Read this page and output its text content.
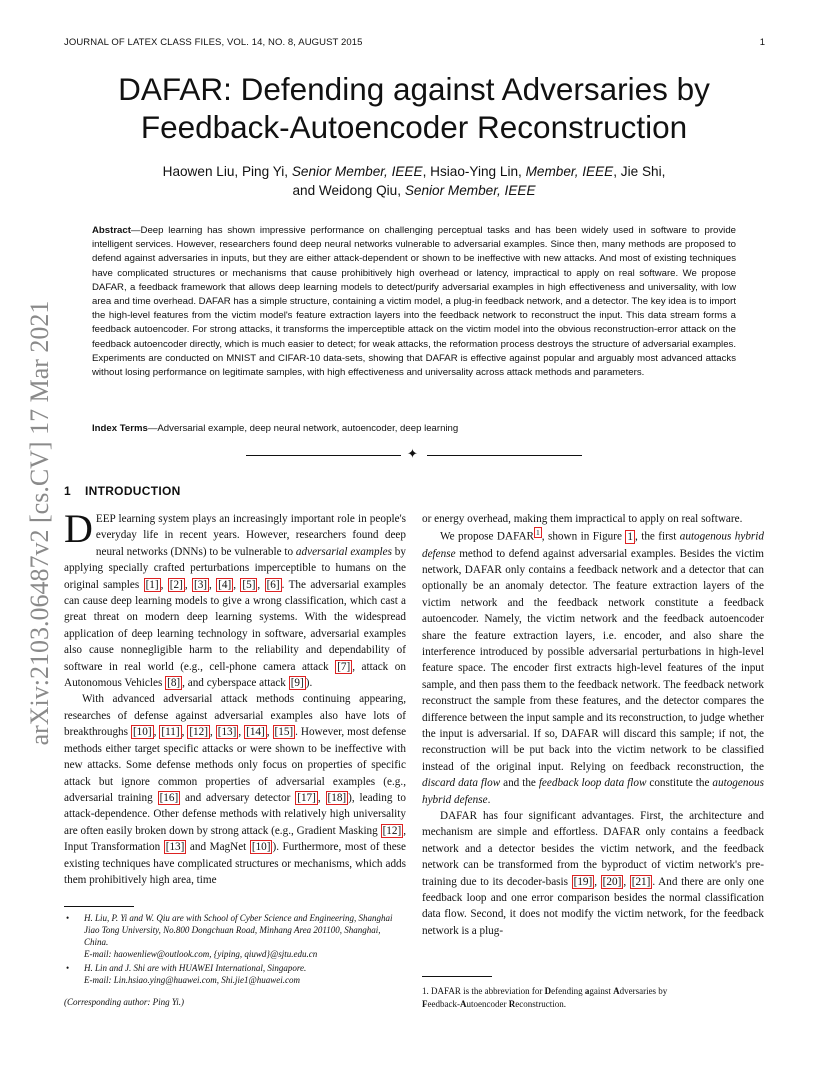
JOURNAL OF LATEX CLASS FILES, VOL. 14, NO. 8, AUGUST 2015	1
arXiv:2103.06487v2 [cs.CV] 17 Mar 2021
DAFAR: Defending against Adversaries by
Feedback-Autoencoder Reconstruction
Haowen Liu, Ping Yi, Senior Member, IEEE, Hsiao-Ying Lin, Member, IEEE, Jie Shi,
and Weidong Qiu, Senior Member, IEEE
Abstract—Deep learning has shown impressive performance on challenging perceptual tasks and has been widely used in software to provide intelligent services. However, researchers found deep neural networks vulnerable to adversarial examples. Since then, many methods are proposed to defend against adversaries in inputs, but they are either attack-dependent or shown to be ineffective with new attacks. And most of existing techniques have complicated structures or mechanisms that cause prohibitively high overhead or latency, impractical to apply on real software. We propose DAFAR, a feedback framework that allows deep learning models to detect/purify adversarial examples in high effectiveness and universality, with low area and time overhead. DAFAR has a simple structure, containing a victim model, a plug-in feedback network, and a detector. The key idea is to import the high-level features from the victim model's feature extraction layers into the feedback network to reconstruct the input. This data stream forms a feedback autoencoder. For strong attacks, it transforms the imperceptible attack on the victim model into the obvious reconstruction-error attack on the feedback autoencoder directly, which is much easier to detect; for weak attacks, the reformation process destroys the structure of adversarial examples. Experiments are conducted on MNIST and CIFAR-10 data-sets, showing that DAFAR is effective against popular and arguably most advanced attacks without losing performance on legitimate samples, with high effectiveness and universality across attack methods and parameters.
Index Terms—Adversarial example, deep neural network, autoencoder, deep learning
✦
1 INTRODUCTION

DEEP learning system plays an increasingly important role in people's everyday life in recent years. However, researchers found deep neural networks (DNNs) to be vulnerable to adversarial examples by applying specially crafted perturbations imperceptible to humans on the original samples [1] , [2] , [3] , [4] , [5] , [6] . The adversarial examples can cause deep learning models to give a wrong classification, which cast a great threat on modern deep learning systems. With the widespread application of deep learning technology in software, adversarial examples also cause nonnegligible harm to the reliability and dependability of software in real world (e.g., cell-phone camera attack [7] , attack on Autonomous Vehicles [8] , and cyberspace attack [9] ).

With advanced adversarial attack methods continuing appearing, researches of defense against adversarial examples also have lots of breakthroughs [10] , [11] , [12] , [13] , [14] , [15] . However, most defense methods either target specific attacks or were shown to be ineffective with new attacks. Some defense methods only focus on properties of specific attack but ignore common properties of adversarial examples (e.g., adversarial training [16] and adversary detector [17] , [18] ), leading to attack-dependence. Other defense methods with relatively high universality are often easily broken down by strong attack (e.g., Gradient Masking [12] , Input Transformation [13] and MagNet [10] ). Furthermore, most of these existing techniques have complicated structures or mechanisms, which adds them prohibitively high area, time

• H. Liu, P. Yi and W. Qiu are with School of Cyber Science and Engineering, Shanghai Jiao Tong University, No.800 Dongchuan Road, Minhang Area 201100, Shanghai, China.
E-mail: haowenliew@outlook.com, {yiping, qiuwd}@sjtu.edu.cn
• H. Lin and J. Shi are with HUAWEI International, Singapore.
E-mail: Lin.hsiao.ying@huawei.com, Shi.jie1@huawei.com
(Corresponding author: Ping Yi.)

or energy overhead, making them impractical to apply on real software.

We propose DAFAR $^1$ , shown in Figure 1 , the first autogenous hybrid defense method to defend against adversarial examples. Besides the victim network, DAFAR only contains a feedback network and a detector that can optionally be an anomaly detector. The feature extraction layers of the victim network and the feedback network constitute a feedback autoencoder. Namely, the victim network and the feedback autoencoder share the feature extraction layers, i.e. encoder, and also share the interference introduced by possible adversarial perturbations in high-level feature space. The encoder first extracts high-level features of the input sample, and then pass them to the feedback network. The feedback network reconstruct the sample from these features, and the detector compares the difference between the input sample and its reconstruction, to judge whether the input is adversarial. If so, DAFAR will discard this sample; if not, the reconstruction will be put back into the victim network to be classified instead of the original input. Relying on feedback reconstruction, the discard data flow and the feedback loop data flow constitute the autogenous hybrid defense.

DAFAR has four significant advantages. First, the architecture and mechanism are simple and effortless. DAFAR only contains a feedback network and a detector besides the victim network, and the feedback network can be transformed from the byproduct of victim network's pre-training due to its decoder-basis [19] , [20] , [21] . And there are only one feedback loop and one error comparison besides the normal classification data flow. Second, it does not modify the victim network, for the feedback network is a plug-

1. DAFAR is the abbreviation for Defending against Adversaries by
Feedback-Autoencoder Reconstruction.
